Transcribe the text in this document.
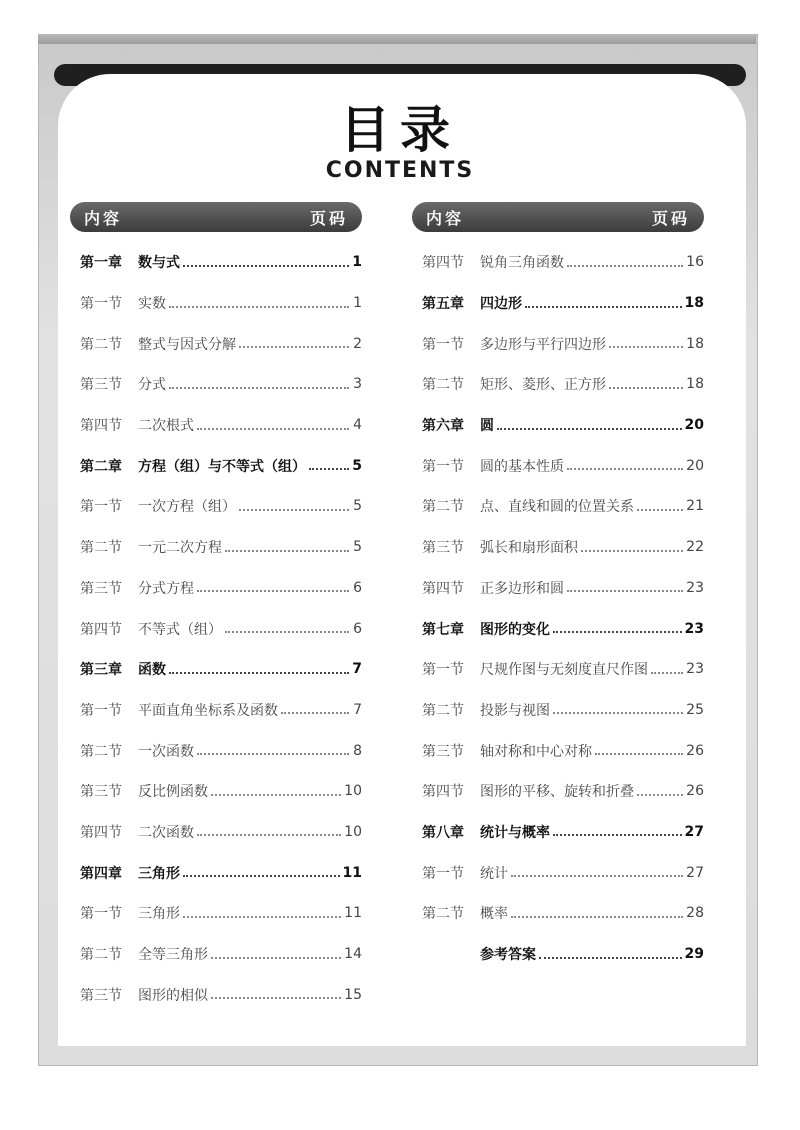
目录
CONTENTS
内容	页码
第一章	数与式	1
第一节	实数	1
第二节	整式与因式分解	2
第三节	分式	3
第四节	二次根式	4
第二章	方程（组）与不等式（组）	5
第一节	一次方程（组）	5
第二节	一元二次方程	5
第三节	分式方程	6
第四节	不等式（组）	6
第三章	函数	7
第一节	平面直角坐标系及函数	7
第二节	一次函数	8
第三节	反比例函数	10
第四节	二次函数	10
第四章	三角形	11
第一节	三角形	11
第二节	全等三角形	14
第三节	图形的相似	15
内容	页码
第四节	锐角三角函数	16
第五章	四边形	18
第一节	多边形与平行四边形	18
第二节	矩形、菱形、正方形	18
第六章	圆	20
第一节	圆的基本性质	20
第二节	点、直线和圆的位置关系	21
第三节	弧长和扇形面积	22
第四节	正多边形和圆	23
第七章	图形的变化	23
第一节	尺规作图与无刻度直尺作图	23
第二节	投影与视图	25
第三节	轴对称和中心对称	26
第四节	图形的平移、旋转和折叠	26
第八章	统计与概率	27
第一节	统计	27
第二节	概率	28
参考答案	29
